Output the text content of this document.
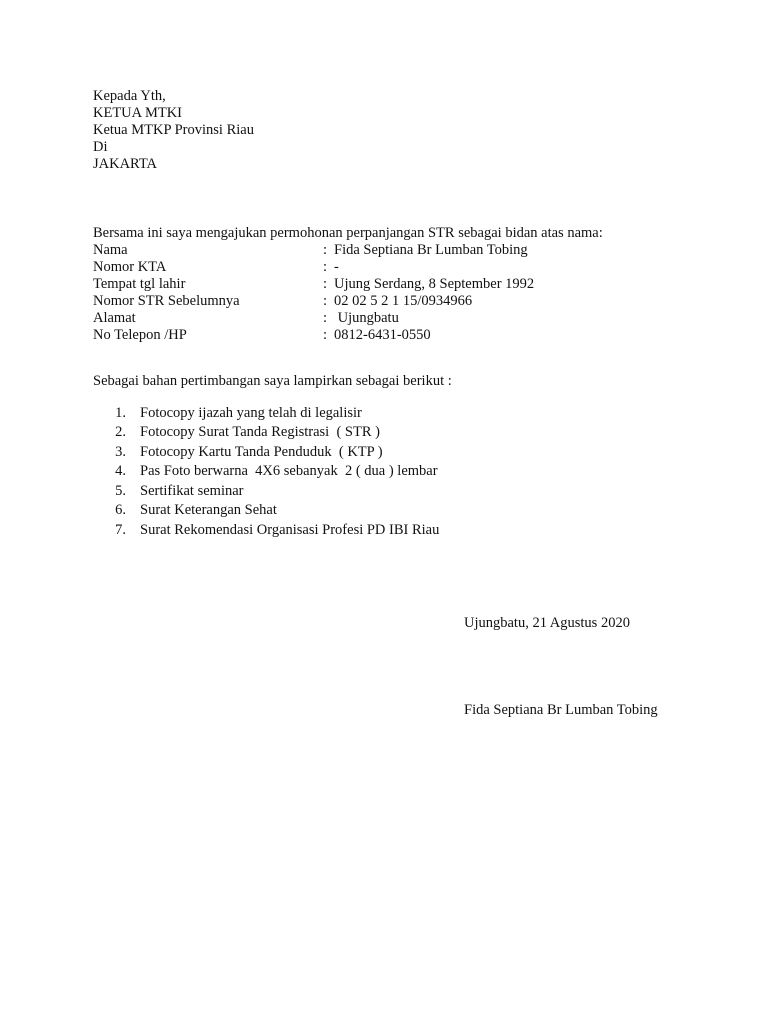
Kepada Yth,
KETUA MTKI
Ketua MTKP Provinsi Riau
Di
JAKARTA
Bersama ini saya mengajukan permohonan perpanjangan STR sebagai bidan atas nama:
Nama	: Fida Septiana Br Lumban Tobing
Nomor KTA	: -
Tempat tgl lahir	: Ujung Serdang, 8 September 1992
Nomor STR Sebelumnya	: 02 02 5 2 1 15/0934966
Alamat	: Ujungbatu
No Telepon /HP	: 0812-6431-0550
Sebagai bahan pertimbangan saya lampirkan sebagai berikut :
1. Fotocopy ijazah yang telah di legalisir
2. Fotocopy Surat Tanda Registrasi  ( STR )
3. Fotocopy Kartu Tanda Penduduk  ( KTP )
4. Pas Foto berwarna  4X6 sebanyak  2 ( dua ) lembar
5. Sertifikat seminar
6. Surat Keterangan Sehat
7. Surat Rekomendasi Organisasi Profesi PD IBI Riau
Ujungbatu, 21 Agustus 2020
Fida Septiana Br Lumban Tobing
